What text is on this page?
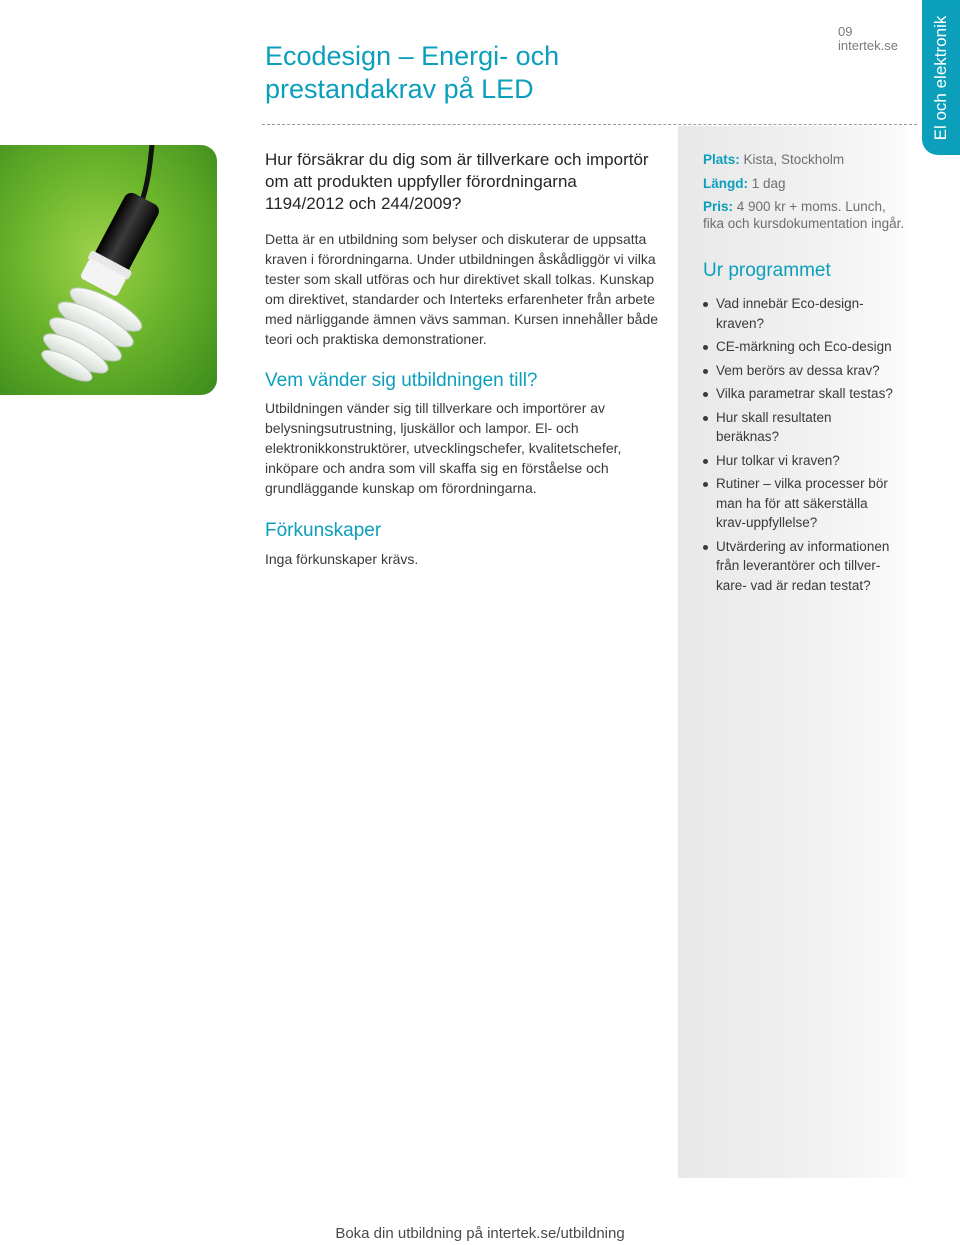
El och elektronik
09
intertek.se
Ecodesign – Energi- och prestandakrav på LED

Hur försäkrar du dig som är tillverkare och importör om att produkten uppfyller förordningarna 1194/2012 och 244/2009?

Detta är en utbildning som belyser och diskuterar de uppsatta kraven i förordningarna. Under utbildningen åskådliggör vi vilka tester som skall utföras och hur direktivet skall tolkas. Kunskap om direktivet, standarder och Interteks erfarenheter från arbete med närliggande ämnen vävs samman. Kursen innehåller både teori och praktiska demonstrationer.

Vem vänder sig utbildningen till?

Utbildningen vänder sig till tillverkare och importörer av belysningsutrustning, ljuskällor och lampor. El- och elektronikkonstruktörer, utvecklingschefer, kvalitetschefer, inköpare och andra som vill skaffa sig en förståelse och grundläggande kunskap om förordningarna.

Förkunskaper

Inga förkunskaper krävs.

Plats: Kista, Stockholm
Längd: 1 dag
Pris: 4 900 kr + moms. Lunch, fika och kursdokumentation ingår.
Ur programmet
Vad innebär Eco-design-kraven?
CE-märkning och Eco-design
Vem berörs av dessa krav?
Vilka parametrar skall testas?
Hur skall resultaten beräknas?
Hur tolkar vi kraven?
Rutiner – vilka processer bör man ha för att säkerställa krav-uppfyllelse?
Utvärdering av informationen från leverantörer och tillver-kare- vad är redan testat?
Boka din utbildning på intertek.se/utbildning
